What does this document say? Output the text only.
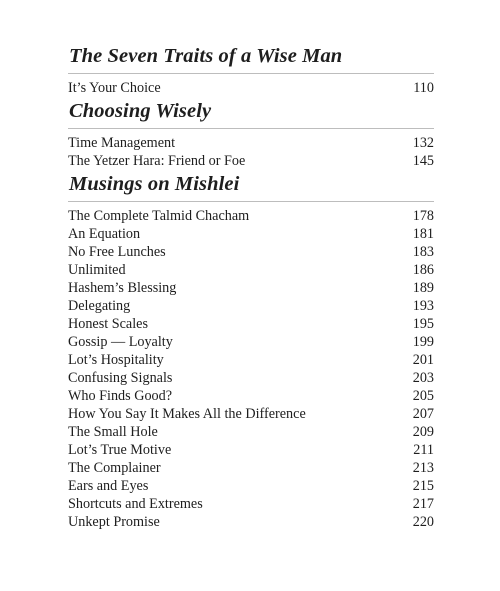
The Seven Traits of a Wise Man
It’s Your Choice	110
Choosing Wisely
Time Management	132
The Yetzer Hara: Friend or Foe	145
Musings on Mishlei
The Complete Talmid Chacham	178
An Equation	181
No Free Lunches	183
Unlimited	186
Hashem’s Blessing	189
Delegating	193
Honest Scales	195
Gossip — Loyalty	199
Lot’s Hospitality	201
Confusing Signals	203
Who Finds Good?	205
How You Say It Makes All the Difference	207
The Small Hole	209
Lot’s True Motive	211
The Complainer	213
Ears and Eyes	215
Shortcuts and Extremes	217
Unkept Promise	220
